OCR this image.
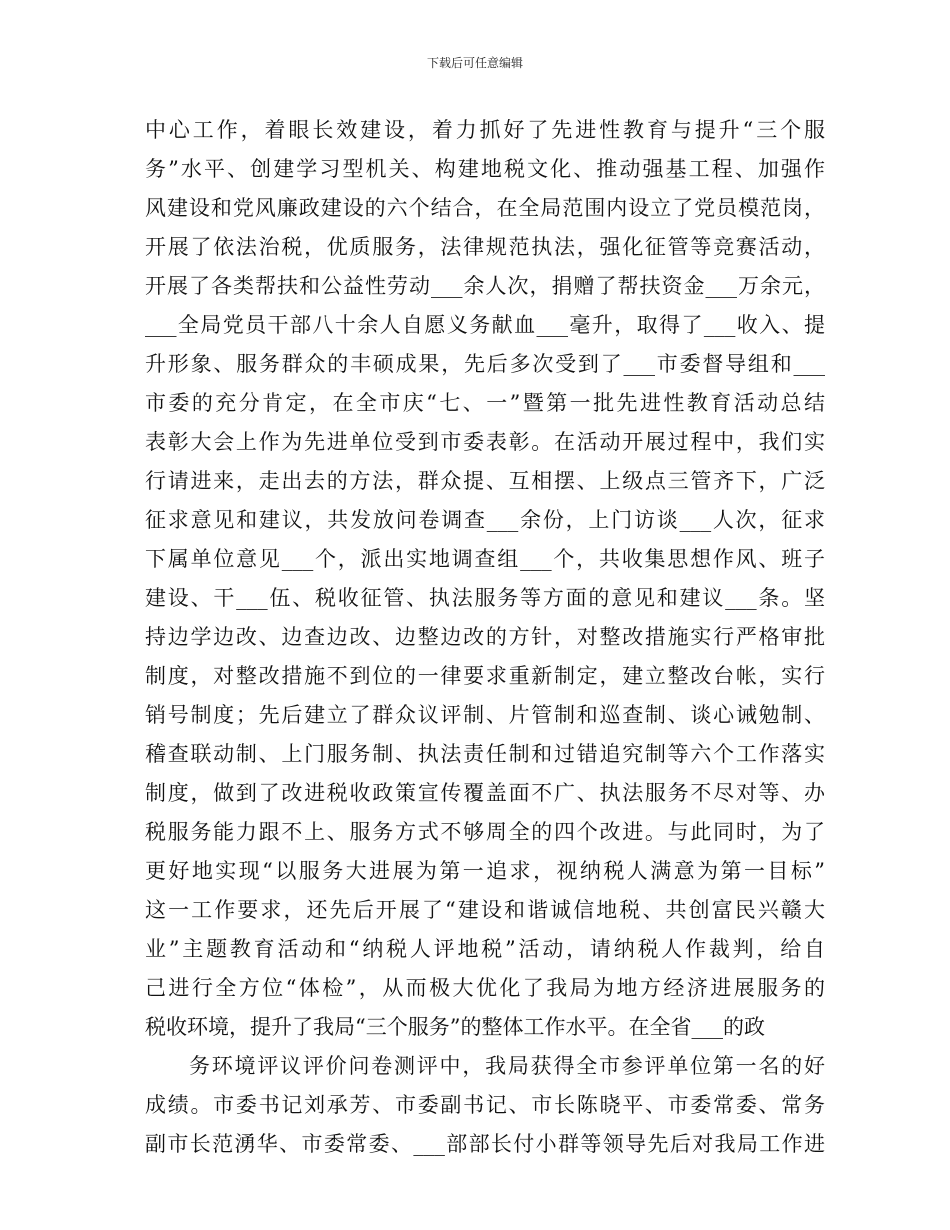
下载后可任意编辑
中心工作，着眼长效建设，着力抓好了先进性教育与提升“三个服
务”水平、创建学习型机关、构建地税文化、推动强基工程、加强作
风建设和党风廉政建设的六个结合，在全局范围内设立了党员模范岗，
开展了依法治税，优质服务，法律规范执法，强化征管等竞赛活动，
开展了各类帮扶和公益性劳动___余人次，捐赠了帮扶资金___万余元，
___全局党员干部八十余人自愿义务献血___毫升，取得了___收入、提
升形象、服务群众的丰硕成果，先后多次受到了___市委督导组和___
市委的充分肯定，在全市庆“七、一”暨第一批先进性教育活动总结
表彰大会上作为先进单位受到市委表彰。在活动开展过程中，我们实
行请进来，走出去的方法，群众提、互相摆、上级点三管齐下，广泛
征求意见和建议，共发放问卷调查___余份，上门访谈___人次，征求
下属单位意见___个，派出实地调查组___个，共收集思想作风、班子
建设、干___伍、税收征管、执法服务等方面的意见和建议___条。坚
持边学边改、边查边改、边整边改的方针，对整改措施实行严格审批
制度，对整改措施不到位的一律要求重新制定，建立整改台帐，实行
销号制度；先后建立了群众议评制、片管制和巡查制、谈心诫勉制、
稽查联动制、上门服务制、执法责任制和过错追究制等六个工作落实
制度，做到了改进税收政策宣传覆盖面不广、执法服务不尽对等、办
税服务能力跟不上、服务方式不够周全的四个改进。与此同时，为了
更好地实现“以服务大进展为第一追求，视纳税人满意为第一目标”
这一工作要求，还先后开展了“建设和谐诚信地税、共创富民兴赣大
业”主题教育活动和“纳税人评地税”活动，请纳税人作裁判，给自
己进行全方位“体检”，从而极大优化了我局为地方经济进展服务的
税收环境，提升了我局“三个服务”的整体工作水平。在全省___的政
务环境评议评价问卷测评中，我局获得全市参评单位第一名的好
成绩。市委书记刘承芳、市委副书记、市长陈晓平、市委常委、常务
副市长范湧华、市委常委、___部部长付小群等领导先后对我局工作进
